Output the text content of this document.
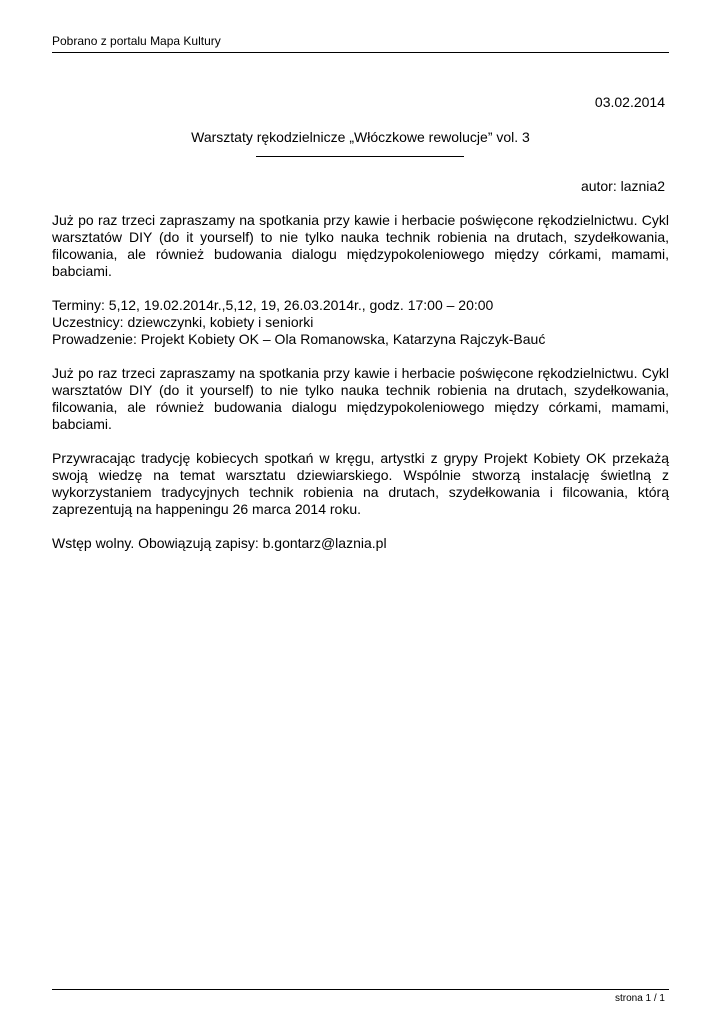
Pobrano z portalu Mapa Kultury
03.02.2014
Warsztaty rękodzielnicze „Włóczkowe rewolucje” vol. 3
autor: laznia2

Już po raz trzeci zapraszamy na spotkania przy kawie i herbacie poświęcone rękodzielnictwu. Cykl warsztatów DIY (do it yourself) to nie tylko nauka technik robienia na drutach, szydełkowania, filcowania, ale również budowania dialogu międzypokoleniowego między córkami, mamami, babciami.

Terminy: 5,12, 19.02.2014r.,5,12, 19, 26.03.2014r., godz. 17:00 – 20:00
Uczestnicy: dziewczynki, kobiety i seniorki
Prowadzenie: Projekt Kobiety OK – Ola Romanowska, Katarzyna Rajczyk-Bauć

Już po raz trzeci zapraszamy na spotkania przy kawie i herbacie poświęcone rękodzielnictwu. Cykl warsztatów DIY (do it yourself) to nie tylko nauka technik robienia na drutach, szydełkowania, filcowania, ale również budowania dialogu międzypokoleniowego między córkami, mamami, babciami.

Przywracając tradycję kobiecych spotkań w kręgu, artystki z grypy Projekt Kobiety OK przekażą swoją wiedzę na temat warsztatu dziewiarskiego. Wspólnie stworzą instalację świetlną z wykorzystaniem tradycyjnych technik robienia na drutach, szydełkowania i filcowania, którą zaprezentują na happeningu 26 marca 2014 roku.

Wstęp wolny. Obowiązują zapisy: b.gontarz@laznia.pl

strona 1 / 1
